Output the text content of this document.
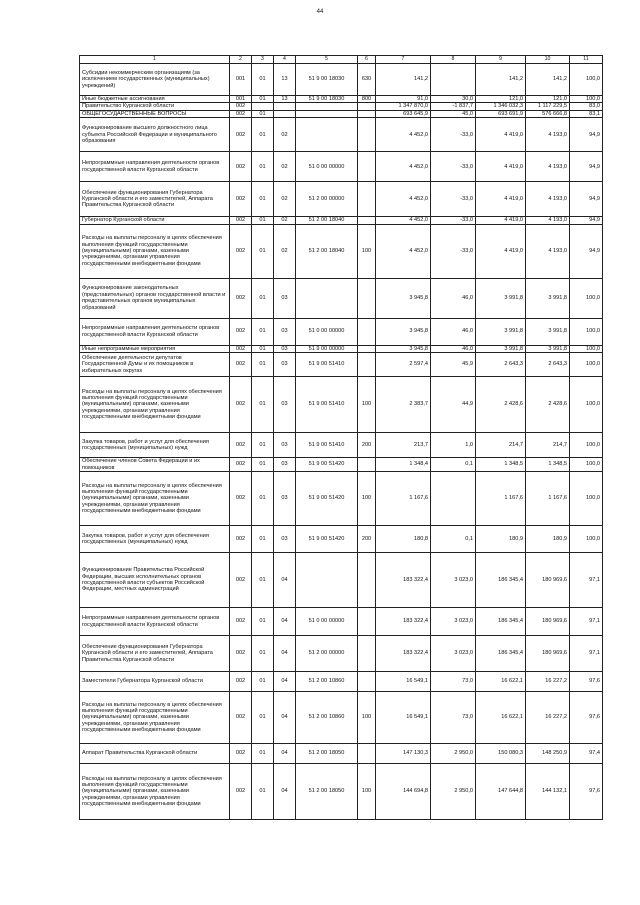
44
1	2	3	4	5	6	7	8	9	10	11
Субсидии некоммерческим организациям (за исключением государственных (муниципальных) учреждений)	001	01	13	51 9 00 18030	630	141,2		141,2	141,2	100,0
Иные бюджетные ассигнования	001	01	13	51 9 00 18030	800	91,0	30,0	121,0	121,0	100,0
Правительство Курганской области	002					1 347 870,0	-1 837,7	1 346 032,3	1 117 229,5	83,0
ОБЩЕГОСУДАРСТВЕННЫЕ ВОПРОСЫ	002	01				693 645,9	45,0	693 691,9	576 666,8	83,1
Функционирование высшего должностного лица субъекта Российской Федерации и муниципального образования	002	01	02			4 452,0	-33,0	4 419,0	4 193,0	94,9
Непрограммные направления деятельности органов государственной власти Курганской области	002	01	02	51 0 00 00000		4 452,0	-33,0	4 419,0	4 193,0	94,9
Обеспечение функционирования Губернатора Курганской области и его заместителей, Аппарата Правительства Курганской области	002	01	02	51 2 00 00000		4 452,0	-33,0	4 419,0	4 193,0	94,9
Губернатор Курганской области	002	01	02	51 2 00 18040		4 452,0	-33,0	4 419,0	4 193,0	94,9
Расходы на выплаты персоналу в целях обеспечения выполнения функций государственными (муниципальными) органами, казенными учреждениями, органами управления государственными внебюджетными фондами	002	01	02	51 2 00 18040	100	4 452,0	-33,0	4 419,0	4 193,0	94,9
Функционирование законодательных (представительных) органов государственной власти и представительных органов муниципальных образований	002	01	03			3 945,8	46,0	3 991,8	3 991,8	100,0
Непрограммные направления деятельности органов государственной власти Курганской области	002	01	03	51 0 00 00000		3 945,8	46,0	3 991,8	3 991,8	100,0
Иные непрограммные мероприятия	002	01	03	51 9 00 00000		3 945,8	46,0	3 991,8	3 991,8	100,0
Обеспечение деятельности депутатов Государственной Думы и их помощников в избирательных округах	002	01	03	51 9 00 51410		2 597,4	45,9	2 643,3	2 643,3	100,0
Расходы на выплаты персоналу в целях обеспечения выполнения функций государственными (муниципальными) органами, казенными учреждениями, органами управления государственными внебюджетными фондами	002	01	03	51 9 00 51410	100	2 383,7	44,9	2 428,6	2 428,6	100,0
Закупка товаров, работ и услуг для обеспечения государственных (муниципальных) нужд	002	01	03	51 9 00 51410	200	213,7	1,0	214,7	214,7	100,0
Обеспечение членов Совета Федерации и их помощников	002	01	03	51 9 00 51420		1 348,4	0,1	1 348,5	1 348,5	100,0
Расходы на выплаты персоналу в целях обеспечения выполнения функций государственными (муниципальными) органами, казенными учреждениями, органами управления государственными внебюджетными фондами	002	01	03	51 9 00 51420	100	1 167,6		1 167,6	1 167,6	100,0
Закупка товаров, работ и услуг для обеспечения государственных (муниципальных) нужд	002	01	03	51 9 00 51420	200	180,8	0,1	180,9	180,9	100,0
Функционирование Правительства Российской Федерации, высших исполнительных органов государственной власти субъектов Российской Федерации, местных администраций	002	01	04			183 322,4	3 023,0	186 345,4	180 969,6	97,1
Непрограммные направления деятельности органов государственной власти Курганской области	002	01	04	51 0 00 00000		183 322,4	3 023,0	186 345,4	180 969,6	97,1
Обеспечение функционирования Губернатора Курганской области и его заместителей, Аппарата Правительства Курганской области	002	01	04	51 2 00 00000		183 322,4	3 023,0	186 345,4	180 969,6	97,1
Заместители Губернатора Курганской области	002	01	04	51 2 00 10860		16 549,1	73,0	16 622,1	16 227,2	97,6
Расходы на выплаты персоналу в целях обеспечения выполнения функций государственными (муниципальными) органами, казенными учреждениями, органами управления государственными внебюджетными фондами	002	01	04	51 2 00 10860	100	16 549,1	73,0	16 622,1	16 227,2	97,6
Аппарат Правительства Курганской области	002	01	04	51 2 00 18050		147 130,3	2 950,0	150 080,3	148 250,9	97,4
Расходы на выплаты персоналу в целях обеспечения выполнения функций государственными (муниципальными) органами, казенными учреждениями, органами управления государственными внебюджетными фондами	002	01	04	51 2 00 18050	100	144 694,8	2 950,0	147 644,8	144 132,1	97,6
